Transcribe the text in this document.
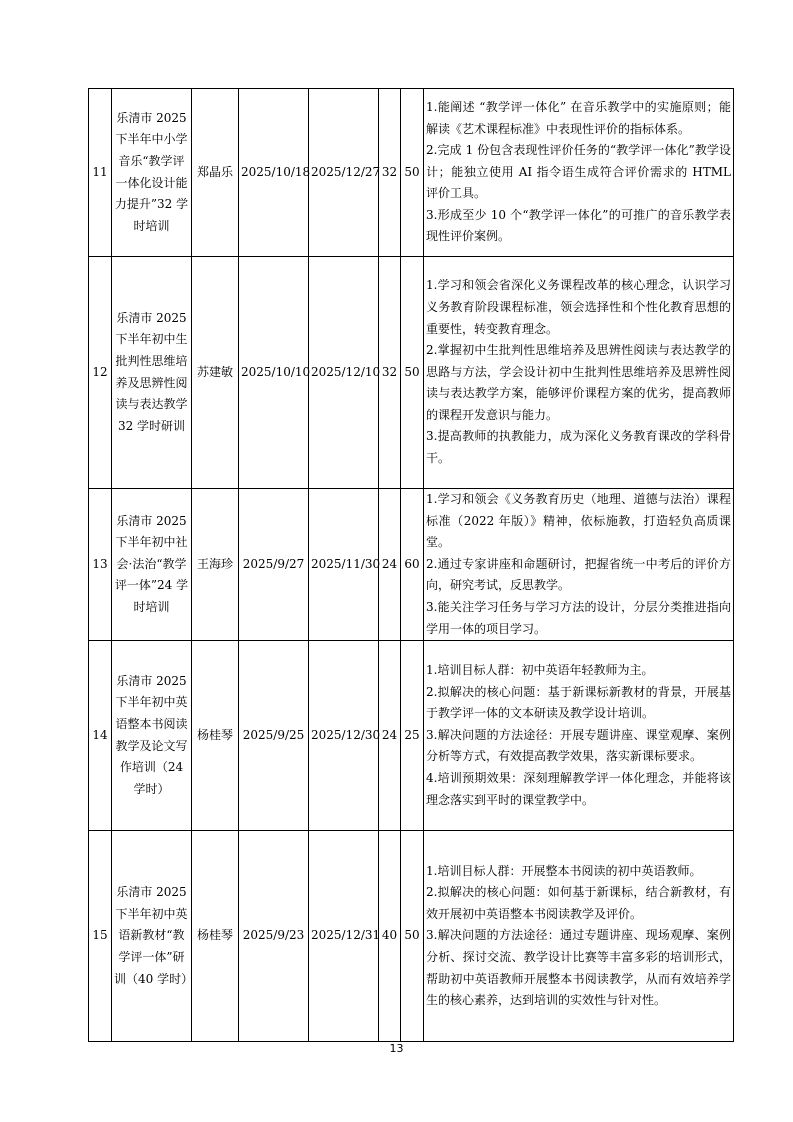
11	乐清市 2025 下半年中小学音乐“教学评一体化设计能力提升”32 学时培训	郑晶乐	2025/10/18	2025/12/27	32	50	1.能阐述 “教学评一体化” 在音乐教学中的实施原则；能解读《艺术课程标准》中表现性评价的指标体系。
2.完成 1 份包含表现性评价任务的“教学评一体化”教学设计；能独立使用 AI 指令语生成符合评价需求的 HTML 评价工具。
3.形成至少 10 个“教学评一体化”的可推广的音乐教学表现性评价案例。

12	乐清市 2025 下半年初中生批判性思维培养及思辨性阅读与表达教学 32 学时研训	苏建敏	2025/10/10	2025/12/10	32	50	1.学习和领会省深化义务课程改革的核心理念，认识学习义务教育阶段课程标准，领会选择性和个性化教育思想的重要性，转变教育理念。
2.掌握初中生批判性思维培养及思辨性阅读与表达教学的思路与方法，学会设计初中生批判性思维培养及思辨性阅读与表达教学方案，能够评价课程方案的优劣，提高教师的课程开发意识与能力。
3.提高教师的执教能力，成为深化义务教育课改的学科骨干。

13	乐清市 2025 下半年初中社会·法治“教学评一体”24 学时培训	王海珍	2025/9/27	2025/11/30	24	60	1.学习和领会《义务教育历史（地理、道德与法治）课程标准（2022 年版）》精神，依标施教，打造轻负高质课堂。
2.通过专家讲座和命题研讨，把握省统一中考后的评价方向，研究考试，反思教学。
3.能关注学习任务与学习方法的设计，分层分类推进指向学用一体的项目学习。

14	乐清市 2025 下半年初中英语整本书阅读教学及论文写作培训（24 学时）	杨桂琴	2025/9/25	2025/12/30	24	25	1.培训目标人群：初中英语年轻教师为主。
2.拟解决的核心问题：基于新课标新教材的背景，开展基于教学评一体的文本研读及教学设计培训。
3.解决问题的方法途径：开展专题讲座、课堂观摩、案例分析等方式，有效提高教学效果，落实新课标要求。
4.培训预期效果：深刻理解教学评一体化理念，并能将该理念落实到平时的课堂教学中。

15	乐清市 2025 下半年初中英语新教材“教学评一体”研训（40 学时）	杨桂琴	2025/9/23	2025/12/31	40	50	1.培训目标人群：开展整本书阅读的初中英语教师。
2.拟解决的核心问题：如何基于新课标，结合新教材，有效开展初中英语整本书阅读教学及评价。
3.解决问题的方法途径：通过专题讲座、现场观摩、案例分析、探讨交流、教学设计比赛等丰富多彩的培训形式，帮助初中英语教师开展整本书阅读教学，从而有效培养学生的核心素养，达到培训的实效性与针对性。
13
